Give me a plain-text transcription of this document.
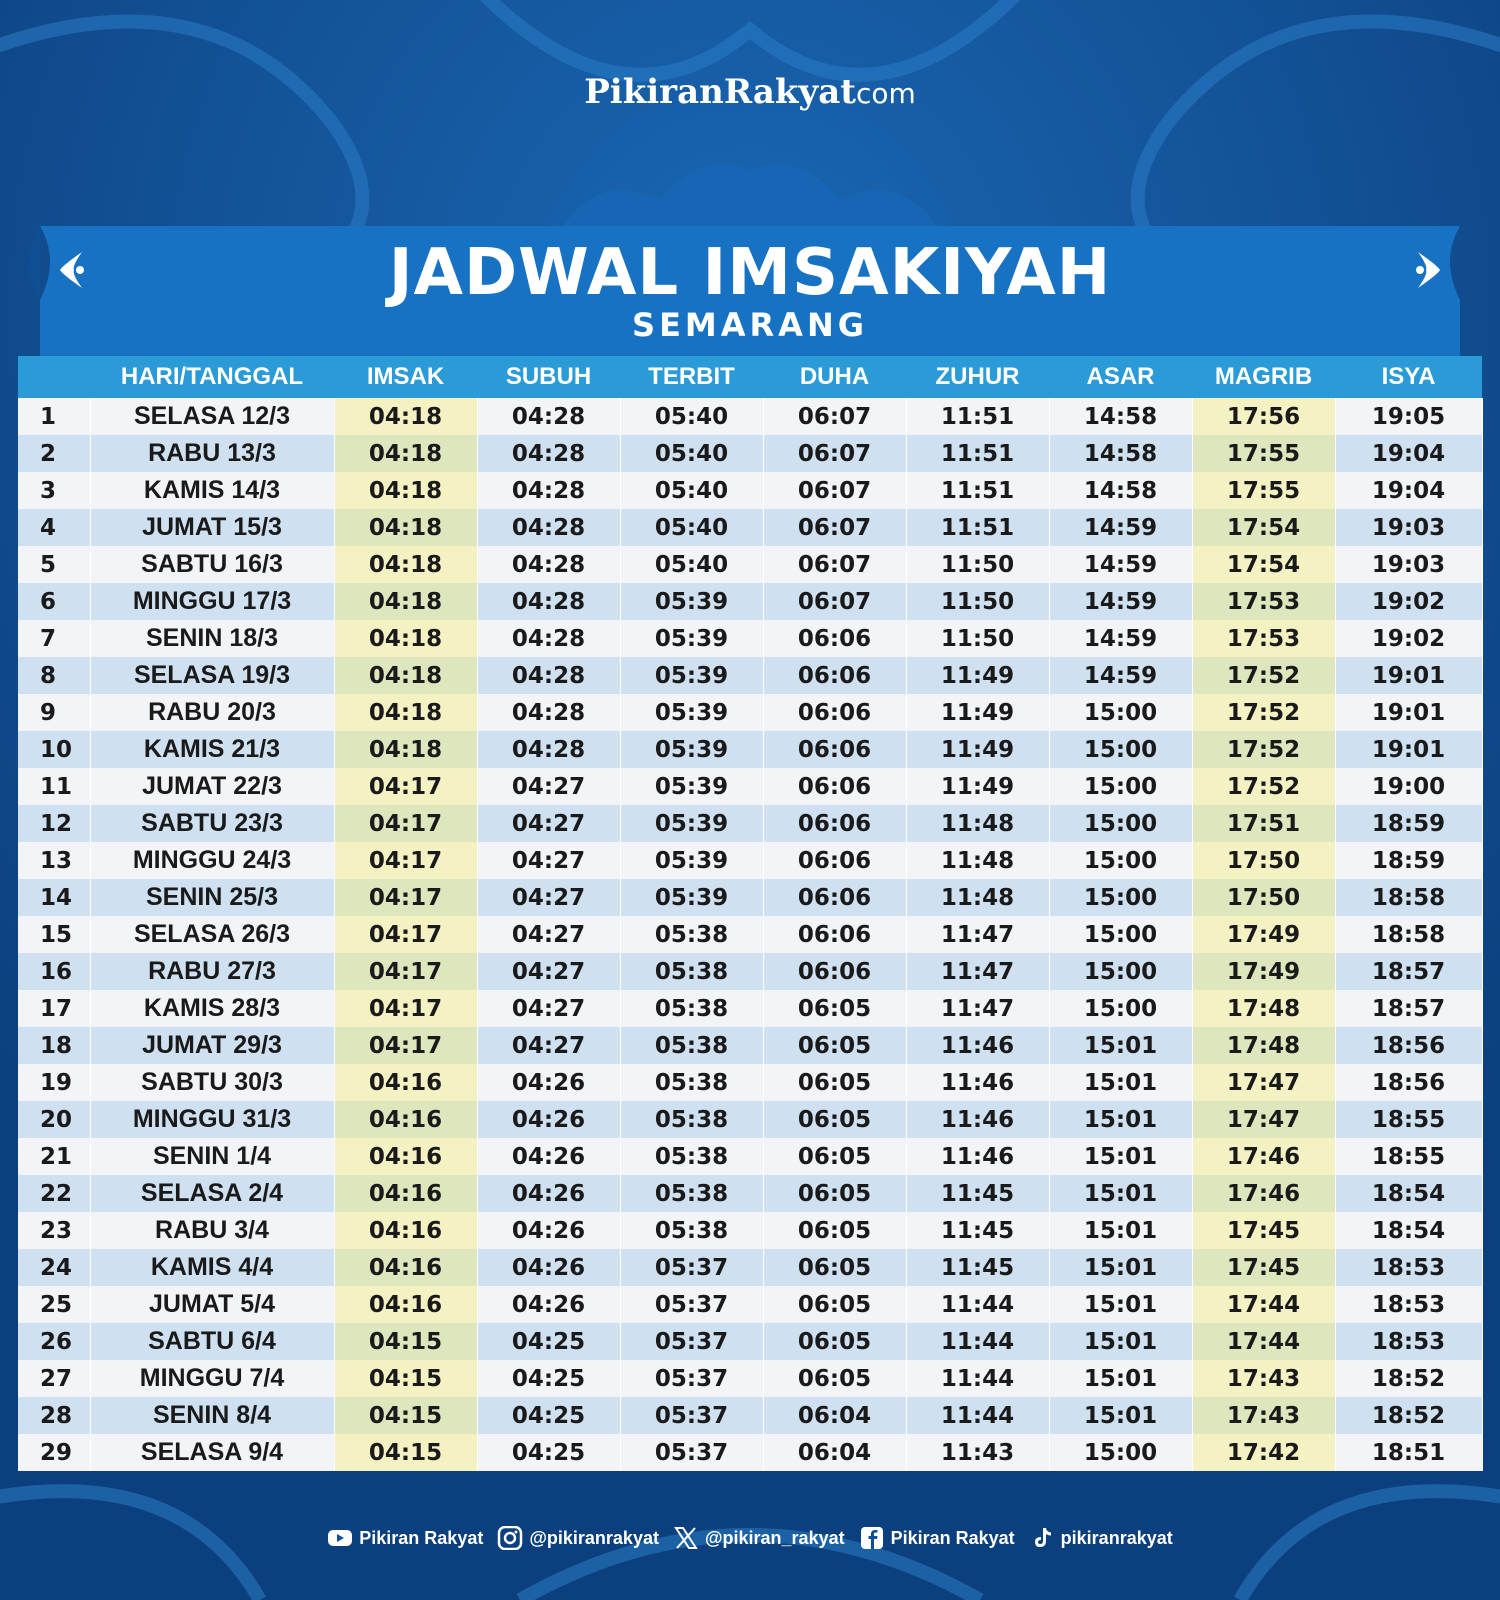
PikiranRakyatcom
JADWAL IMSAKIYAH
SEMARANG
	HARI/TANGGAL	IMSAK	SUBUH	TERBIT	DUHA	ZUHUR	ASAR	MAGRIB	ISYA
1	SELASA 12/3	04:18	04:28	05:40	06:07	11:51	14:58	17:56	19:05
2	RABU 13/3	04:18	04:28	05:40	06:07	11:51	14:58	17:55	19:04
3	KAMIS 14/3	04:18	04:28	05:40	06:07	11:51	14:58	17:55	19:04
4	JUMAT 15/3	04:18	04:28	05:40	06:07	11:51	14:59	17:54	19:03
5	SABTU 16/3	04:18	04:28	05:40	06:07	11:50	14:59	17:54	19:03
6	MINGGU 17/3	04:18	04:28	05:39	06:07	11:50	14:59	17:53	19:02
7	SENIN 18/3	04:18	04:28	05:39	06:06	11:50	14:59	17:53	19:02
8	SELASA 19/3	04:18	04:28	05:39	06:06	11:49	14:59	17:52	19:01
9	RABU 20/3	04:18	04:28	05:39	06:06	11:49	15:00	17:52	19:01
10	KAMIS 21/3	04:18	04:28	05:39	06:06	11:49	15:00	17:52	19:01
11	JUMAT 22/3	04:17	04:27	05:39	06:06	11:49	15:00	17:52	19:00
12	SABTU 23/3	04:17	04:27	05:39	06:06	11:48	15:00	17:51	18:59
13	MINGGU 24/3	04:17	04:27	05:39	06:06	11:48	15:00	17:50	18:59
14	SENIN 25/3	04:17	04:27	05:39	06:06	11:48	15:00	17:50	18:58
15	SELASA 26/3	04:17	04:27	05:38	06:06	11:47	15:00	17:49	18:58
16	RABU 27/3	04:17	04:27	05:38	06:06	11:47	15:00	17:49	18:57
17	KAMIS 28/3	04:17	04:27	05:38	06:05	11:47	15:00	17:48	18:57
18	JUMAT 29/3	04:17	04:27	05:38	06:05	11:46	15:01	17:48	18:56
19	SABTU 30/3	04:16	04:26	05:38	06:05	11:46	15:01	17:47	18:56
20	MINGGU 31/3	04:16	04:26	05:38	06:05	11:46	15:01	17:47	18:55
21	SENIN 1/4	04:16	04:26	05:38	06:05	11:46	15:01	17:46	18:55
22	SELASA 2/4	04:16	04:26	05:38	06:05	11:45	15:01	17:46	18:54
23	RABU 3/4	04:16	04:26	05:38	06:05	11:45	15:01	17:45	18:54
24	KAMIS 4/4	04:16	04:26	05:37	06:05	11:45	15:01	17:45	18:53
25	JUMAT 5/4	04:16	04:26	05:37	06:05	11:44	15:01	17:44	18:53
26	SABTU 6/4	04:15	04:25	05:37	06:05	11:44	15:01	17:44	18:53
27	MINGGU 7/4	04:15	04:25	05:37	06:05	11:44	15:01	17:43	18:52
28	SENIN 8/4	04:15	04:25	05:37	06:04	11:44	15:01	17:43	18:52
29	SELASA 9/4	04:15	04:25	05:37	06:04	11:43	15:00	17:42	18:51
Pikiran Rakyat	@pikiranrakyat	@pikiran_rakyat	Pikiran Rakyat	pikiranrakyat
